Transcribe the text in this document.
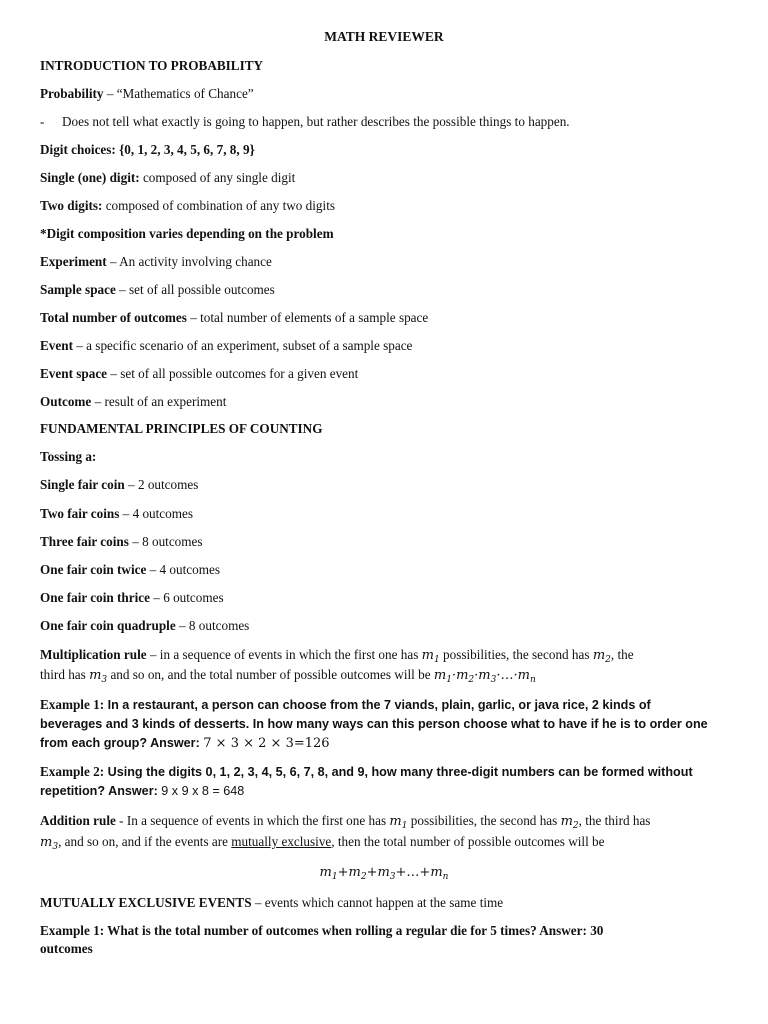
MATH REVIEWER
INTRODUCTION TO PROBABILITY
Probability – “Mathematics of Chance”
- Does not tell what exactly is going to happen, but rather describes the possible things to happen.
Digit choices: {0, 1, 2, 3, 4, 5, 6, 7, 8, 9}
Single (one) digit: composed of any single digit
Two digits: composed of combination of any two digits
*Digit composition varies depending on the problem
Experiment – An activity involving chance
Sample space – set of all possible outcomes
Total number of outcomes – total number of elements of a sample space
Event – a specific scenario of an experiment, subset of a sample space
Event space – set of all possible outcomes for a given event
Outcome – result of an experiment
FUNDAMENTAL PRINCIPLES OF COUNTING
Tossing a:
Single fair coin – 2 outcomes
Two fair coins – 4 outcomes
Three fair coins – 8 outcomes
One fair coin twice – 4 outcomes
One fair coin thrice – 6 outcomes
One fair coin quadruple – 8 outcomes
Multiplication rule – in a sequence of events in which the first one has $m_1$ possibilities, the second has $m_2$, the
third has $m_3$ and so on, and the total number of possible outcomes will be $m_1\cdot m_2\cdot m_3\cdot\dots\cdot m_n$
Example 1: In a restaurant, a person can choose from the 7 viands, plain, garlic, or java rice, 2 kinds of
beverages and 3 kinds of desserts. In how many ways can this person choose what to have if he is to order one
from each group? Answer: 7 × 3 × 2 × 3=126
Example 2: Using the digits 0, 1, 2, 3, 4, 5, 6, 7, 8, and 9, how many three-digit numbers can be formed without
repetition? Answer: 9 x 9 x 8 = 648
Addition rule - In a sequence of events in which the first one has $m_1$ possibilities, the second has $m_2$, the third has
$m_3$, and so on, and if the events are mutually exclusive, then the total number of possible outcomes will be
$m_1+m_2+m_3+\dots+m_n$
MUTUALLY EXCLUSIVE EVENTS – events which cannot happen at the same time
Example 1: What is the total number of outcomes when rolling a regular die for 5 times? Answer: 30
outcomes
